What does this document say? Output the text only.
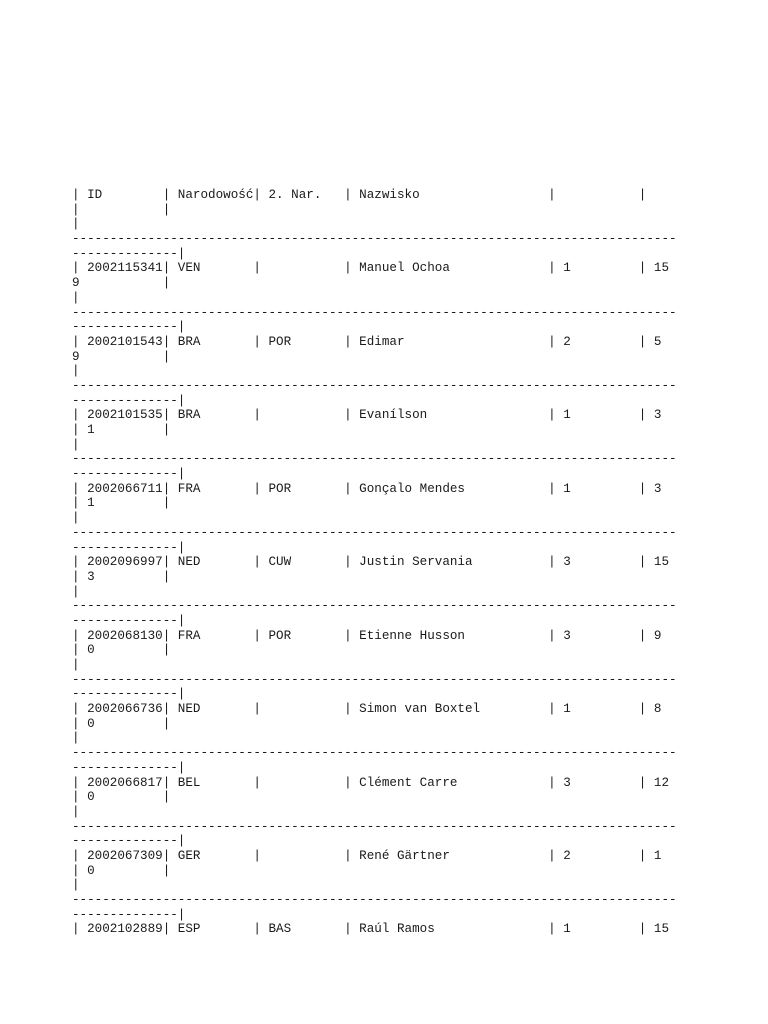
| ID        | Narodowość| 2. Nar.   | Nazwisko                 |           |
|           |
|
--------------------------------------------------------------------------------
--------------|
| 2002115341| VEN       |           | Manuel Ochoa             | 1         | 15
9           |
|
--------------------------------------------------------------------------------
--------------|
| 2002101543| BRA       | POR       | Edimar                   | 2         | 5
9           |
|
--------------------------------------------------------------------------------
--------------|
| 2002101535| BRA       |           | Evanílson                | 1         | 3
| 1         |
|
--------------------------------------------------------------------------------
--------------|
| 2002066711| FRA       | POR       | Gonçalo Mendes           | 1         | 3
| 1         |
|
--------------------------------------------------------------------------------
--------------|
| 2002096997| NED       | CUW       | Justin Servania          | 3         | 15
| 3         |
|
--------------------------------------------------------------------------------
--------------|
| 2002068130| FRA       | POR       | Etienne Husson           | 3         | 9
| 0         |
|
--------------------------------------------------------------------------------
--------------|
| 2002066736| NED       |           | Simon van Boxtel         | 1         | 8
| 0         |
|
--------------------------------------------------------------------------------
--------------|
| 2002066817| BEL       |           | Clément Carre            | 3         | 12
| 0         |
|
--------------------------------------------------------------------------------
--------------|
| 2002067309| GER       |           | René Gärtner             | 2         | 1
| 0         |
|
--------------------------------------------------------------------------------
--------------|
| 2002102889| ESP       | BAS       | Raúl Ramos               | 1         | 15
